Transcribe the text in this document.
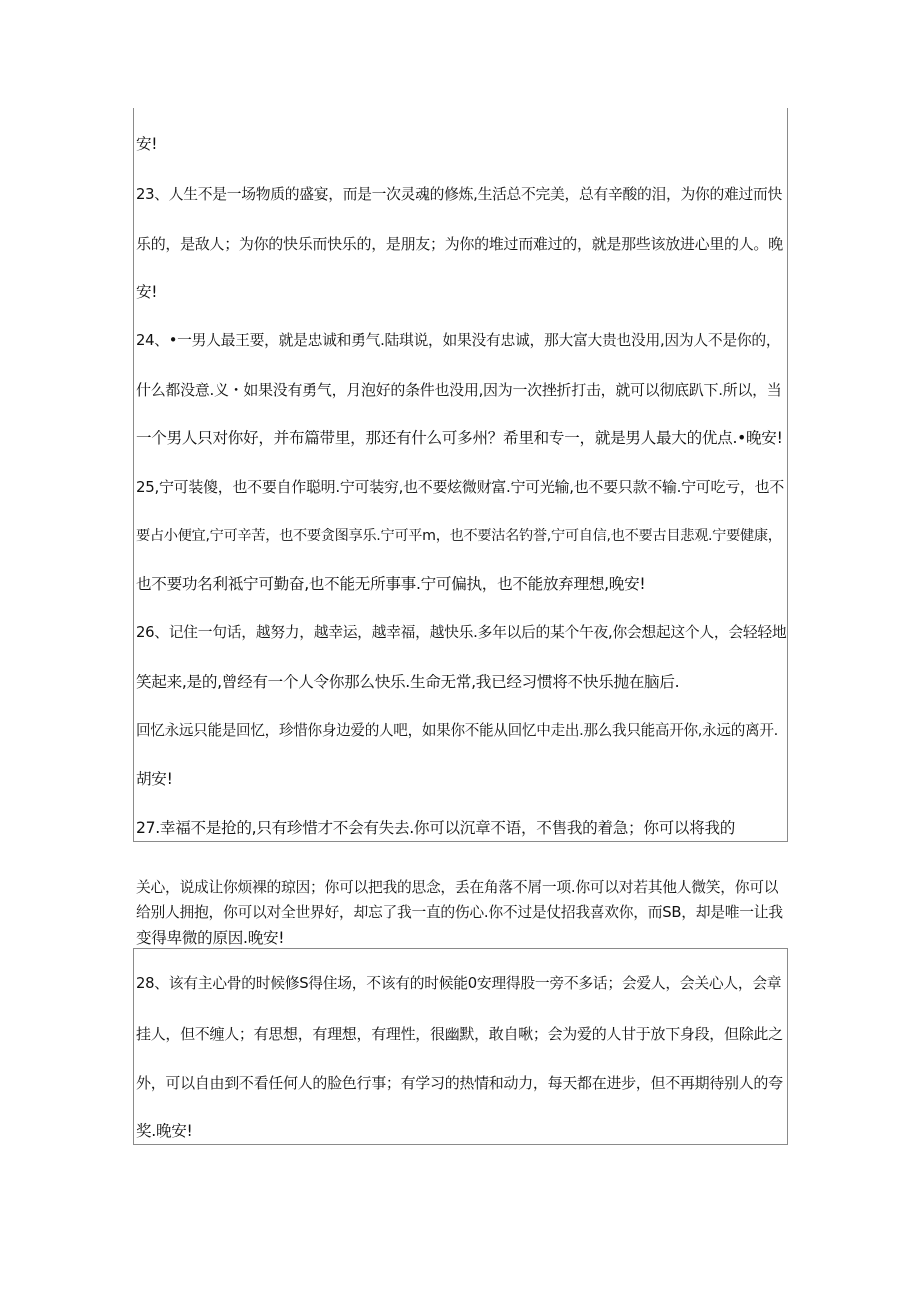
安!
23、人生不是一场物质的盛宴，而是一次灵魂的修炼,生活总不完美，总有辛酸的泪，为你的难过而快
乐的，是敌人；为你的快乐而快乐的，是朋友；为你的堆过而难过的，就是那些该放进心里的人。晚
安!
24、•一男人最王要，就是忠诚和勇气.陆琪说，如果没有忠诚，那大富大贵也没用,因为人不是你的，
什么都没意.义・如果没有勇气，月泡好的条件也没用,因为一次挫折打击，就可以彻底趴下.所以，当
一个男人只对你好，并布篇带里，那还有什么可多州？希里和专一，就是男人最大的优点.•晚安!
25,宁可装傻，也不要自作聪明.宁可装穷,也不要炫微财富.宁可光输,也不要只款不输.宁可吃亏，也不
要占小便宜,宁可辛苦，也不要贪图享乐.宁可平m，也不要沽名钓誉,宁可自信,也不要古目悲观.宁要健康，
也不要功名利祗宁可勤奋,也不能无所事事.宁可偏执，也不能放弃理想,晚安!
26、记住一句话，越努力，越幸运，越幸福，越快乐.多年以后的某个午夜,你会想起这个人，会轻轻地
笑起来,是的,曾经有一个人令你那么快乐.生命无常,我已经习惯将不快乐抛在脑后.
回忆永远只能是回忆，珍惜你身边爱的人吧，如果你不能从回忆中走出.那么我只能高开你,永远的离开.
胡安!
27.幸福不是抢的,只有珍惜才不会有失去.你可以沉章不语，不售我的着急；你可以将我的
关心，说成让你烦裸的琼因；你可以把我的思念，丢在角落不屑一项.你可以对若其他人微笑，你可以
给别人拥抱，你可以对全世界好，却忘了我一直的伤心.你不过是仗招我喜欢你，而SB，却是唯一让我
变得卑微的原因.晚安!
28、该有主心骨的时候修S得住场，不该有的时候能0安理得股一旁不多话；会爱人，会关心人，会章
挂人，但不缠人；有思想，有理想，有理性，很幽默，敢自啾；会为爱的人甘于放下身段，但除此之
外，可以自由到不看任何人的脸色行事；有学习的热情和动力，每天都在进步，但不再期待别人的夸
奖.晚安!
